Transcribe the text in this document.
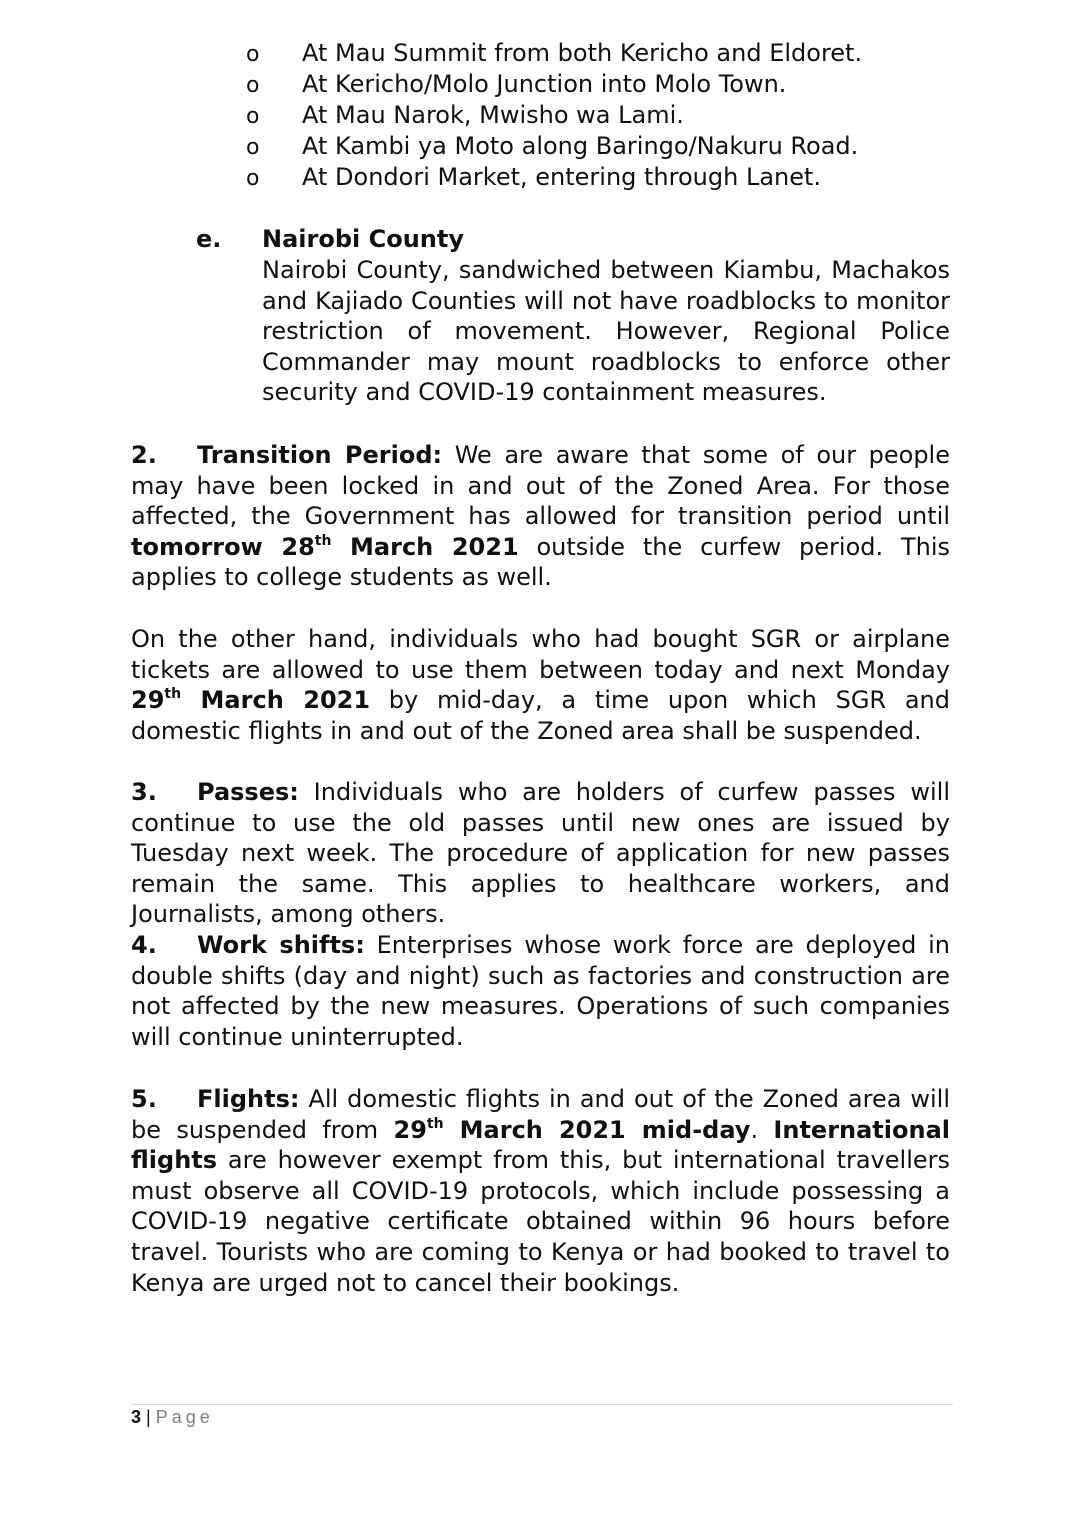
o	At Mau Summit from both Kericho and Eldoret.
o	At Kericho/Molo Junction into Molo Town.
o	At Mau Narok, Mwisho wa Lami.
o	At Kambi ya Moto along Baringo/Nakuru Road.
o	At Dondori Market, entering through Lanet.
e.	Nairobi County
Nairobi County, sandwiched between Kiambu, Machakos and Kajiado Counties will not have roadblocks to monitor restriction of movement. However, Regional Police Commander may mount roadblocks to enforce other security and COVID-19 containment measures.

2. Transition Period: We are aware that some of our people may have been locked in and out of the Zoned Area. For those affected, the Government has allowed for transition period until tomorrow 28th March 2021 outside the curfew period. This applies to college students as well.

On the other hand, individuals who had bought SGR or airplane tickets are allowed to use them between today and next Monday 29th March 2021 by mid-day, a time upon which SGR and domestic flights in and out of the Zoned area shall be suspended.

3. Passes: Individuals who are holders of curfew passes will continue to use the old passes until new ones are issued by Tuesday next week. The procedure of application for new passes remain the same. This applies to healthcare workers, and Journalists, among others.

4. Work shifts: Enterprises whose work force are deployed in double shifts (day and night) such as factories and construction are not affected by the new measures. Operations of such companies will continue uninterrupted.

5. Flights: All domestic flights in and out of the Zoned area will be suspended from 29th March 2021 mid-day. International flights are however exempt from this, but international travellers must observe all COVID-19 protocols, which include possessing a COVID-19 negative certificate obtained within 96 hours before travel. Tourists who are coming to Kenya or had booked to travel to Kenya are urged not to cancel their bookings.

3 | Page
